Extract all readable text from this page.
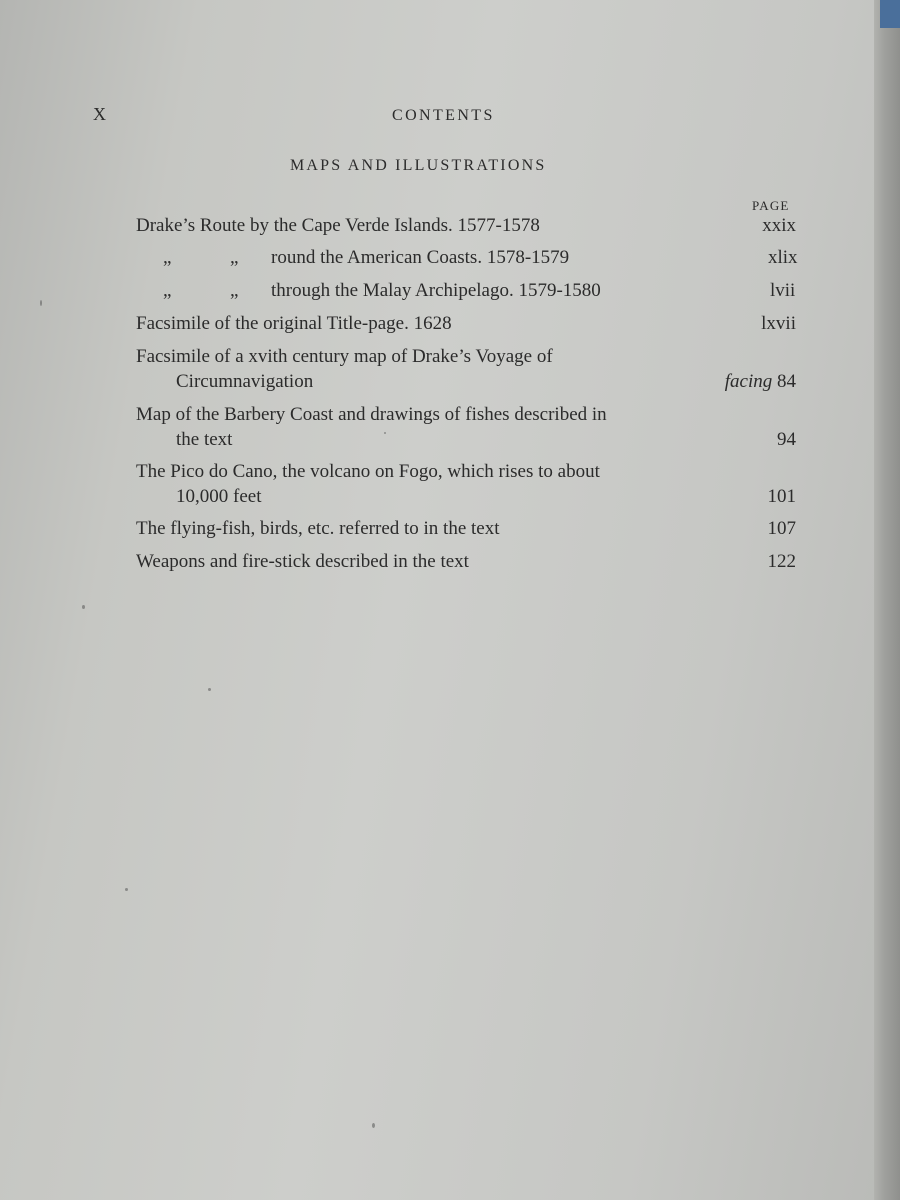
X	CONTENTS
MAPS AND ILLUSTRATIONS
PAGE
Drake’s Route by the Cape Verde Islands. 1577-1578	xxix
„	„ round the American Coasts. 1578-1579	xlix
„	„ through the Malay Archipelago. 1579-1580	lvii
Facsimile of the original Title-page. 1628	lxvii
Facsimile of a xvith century map of Drake’s Voyage of
Circumnavigation	facing 84
Map of the Barbery Coast and drawings of fishes described in
the text	94
The Pico do Cano, the volcano on Fogo, which rises to about
10,000 feet	101
The flying-fish, birds, etc. referred to in the text	107
Weapons and fire-stick described in the text	122
